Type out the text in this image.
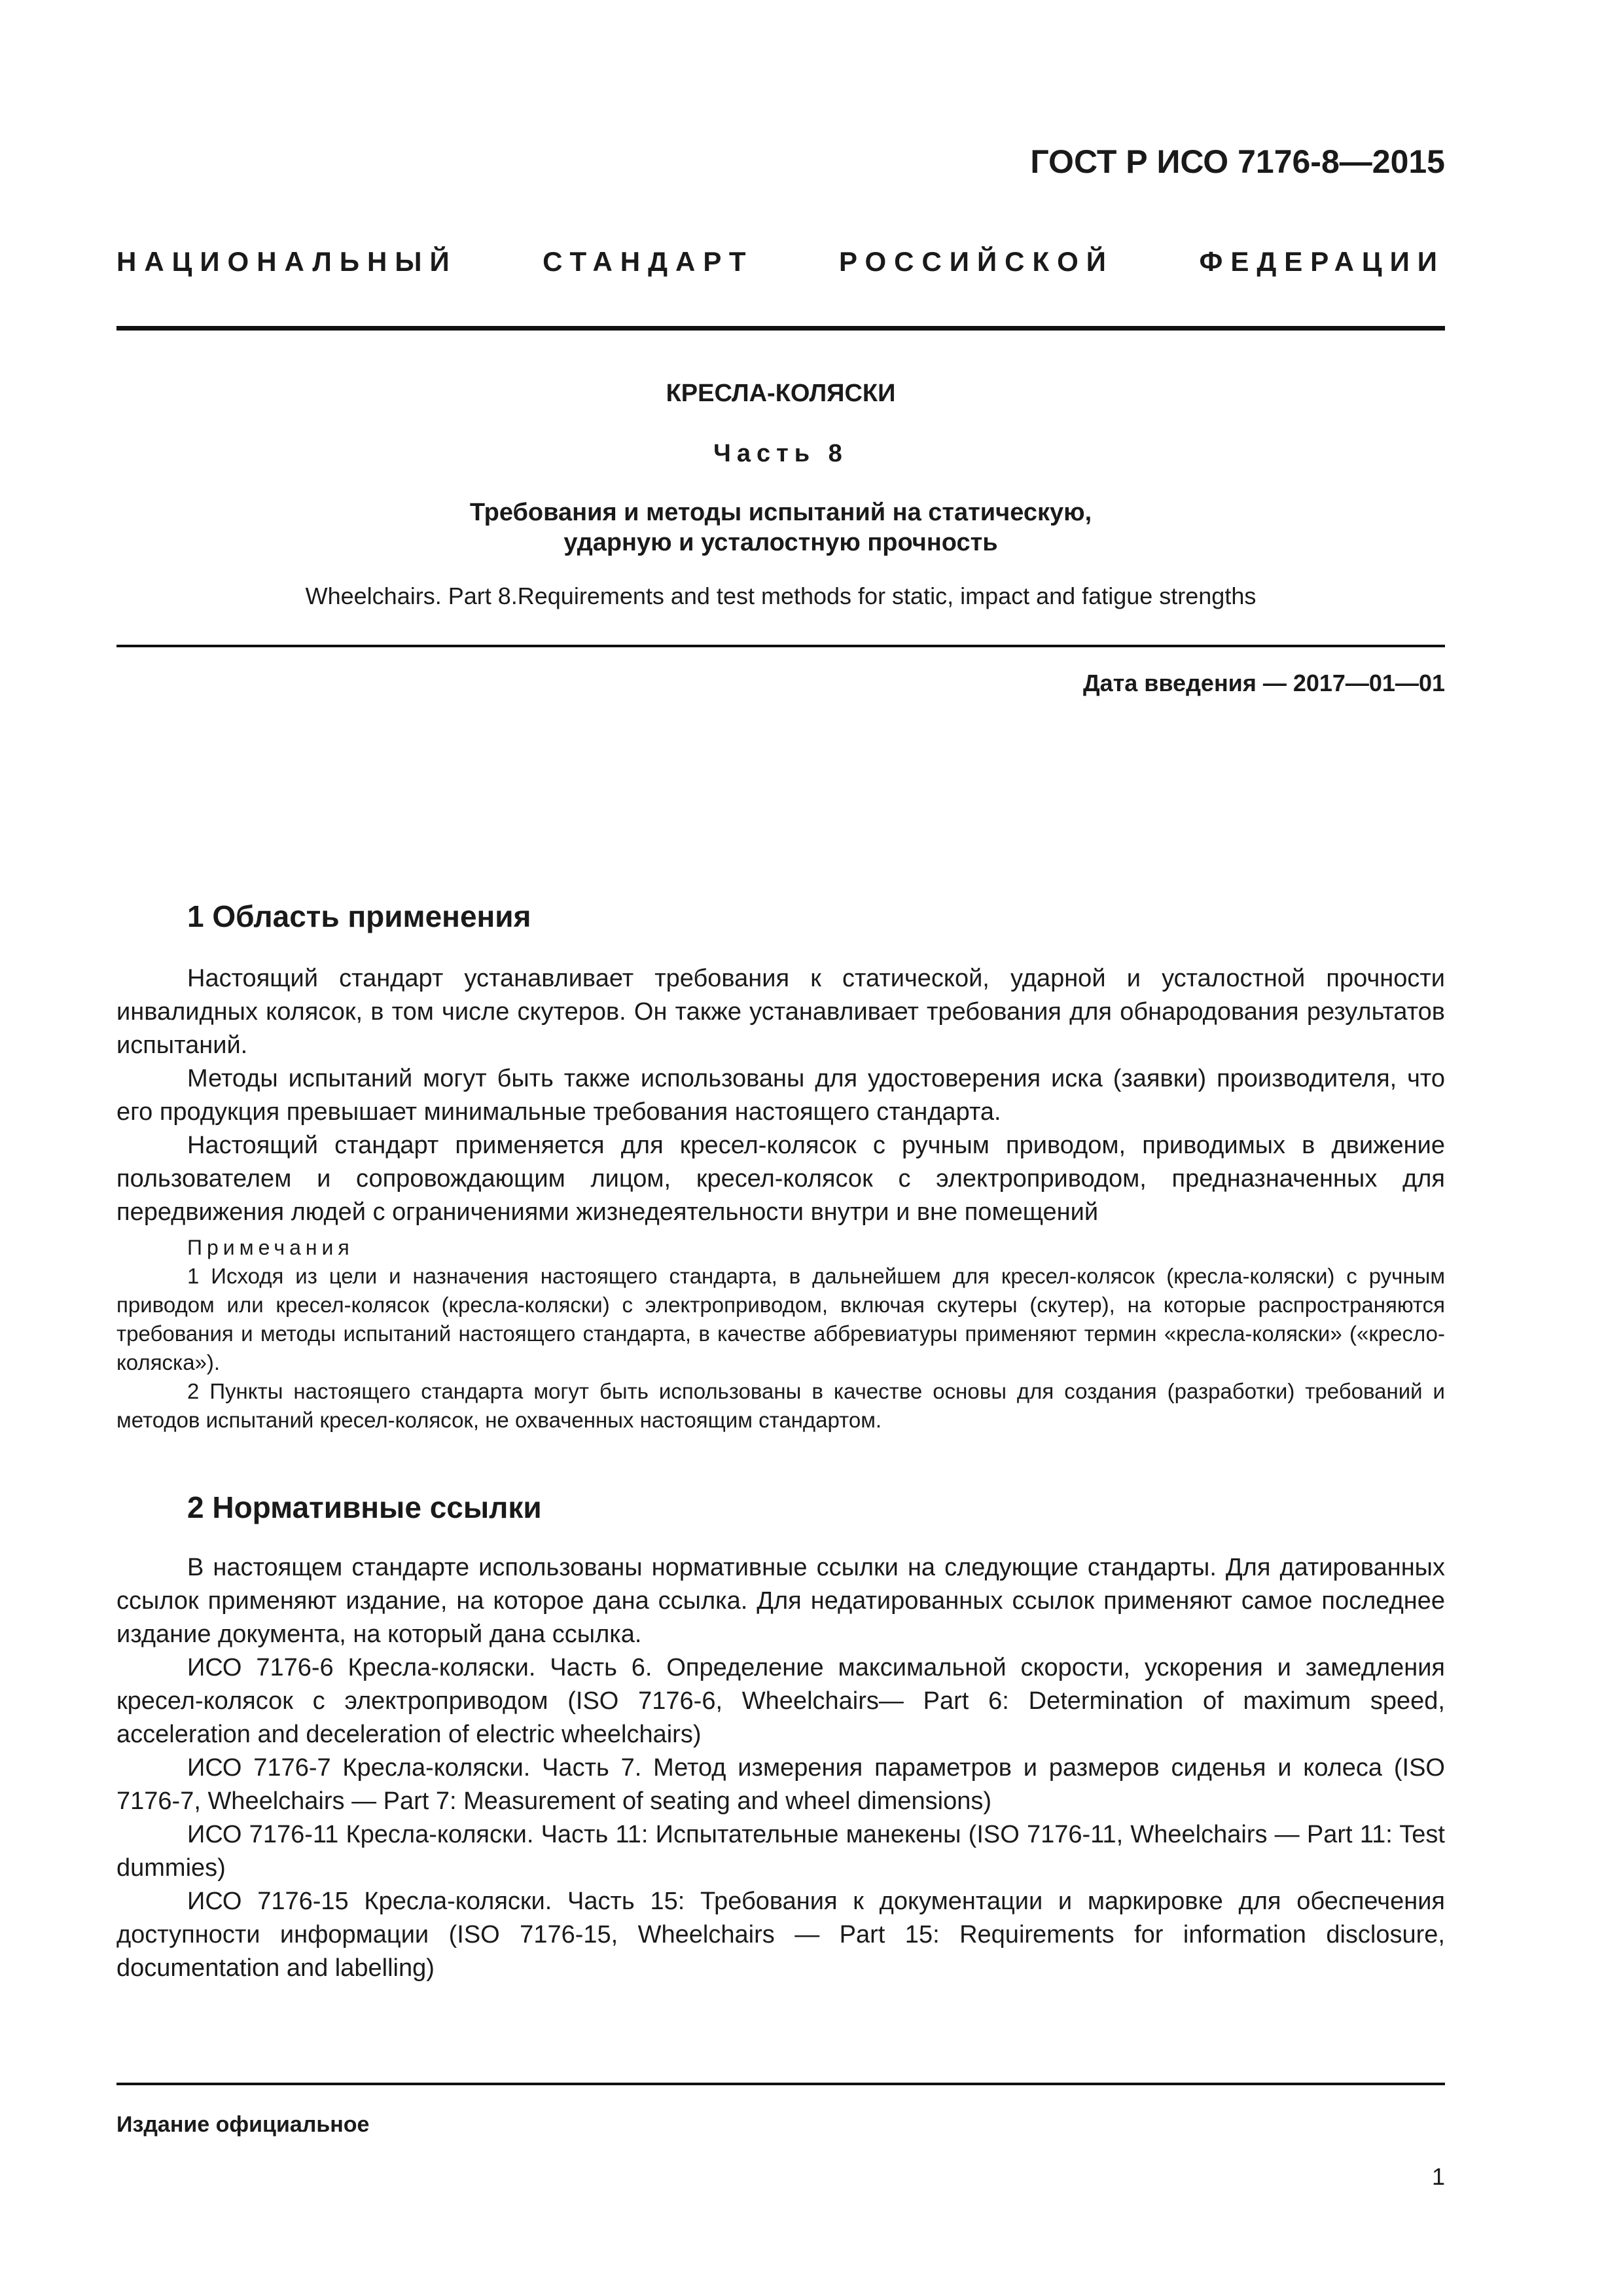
ГОСТ Р ИСО 7176-8—2015
НАЦИОНАЛЬНЫЙ СТАНДАРТ РОССИЙСКОЙ ФЕДЕРАЦИИ
КРЕСЛА-КОЛЯСКИ
Часть 8
Требования и методы испытаний на статическую,
ударную и усталостную прочность
Wheelchairs. Part 8.Requirements and test methods for static, impact and fatigue strengths
Дата введения — 2017—01—01
1 Область применения

Настоящий стандарт устанавливает требования к статической, ударной и усталостной прочности инвалидных колясок, в том числе скутеров. Он также устанавливает требования для обнародования результатов испытаний.

Методы испытаний могут быть также использованы для удостоверения иска (заявки) производителя, что его продукция превышает минимальные требования настоящего стандарта.

Настоящий стандарт применяется для кресел-колясок с ручным приводом, приводимых в движение пользователем и сопровождающим лицом, кресел-колясок с электроприводом, предназначенных для передвижения людей с ограничениями жизнедеятельности внутри и вне помещений

Примечания

1 Исходя из цели и назначения настоящего стандарта, в дальнейшем для кресел-колясок (кресла-коляски) с ручным приводом или кресел-колясок (кресла-коляски) с электроприводом, включая скутеры (скутер), на которые распространяются требования и методы испытаний настоящего стандарта, в качестве аббревиатуры применяют термин «кресла-коляски» («кресло-коляска»).

2 Пункты настоящего стандарта могут быть использованы в качестве основы для создания (разработки) требований и методов испытаний кресел-колясок, не охваченных настоящим стандартом.

2 Нормативные ссылки

В настоящем стандарте использованы нормативные ссылки на следующие стандарты. Для датированных ссылок применяют издание, на которое дана ссылка. Для недатированных ссылок применяют самое последнее издание документа, на который дана ссылка.

ИСО 7176-6 Кресла-коляски. Часть 6. Определение максимальной скорости, ускорения и замедления кресел-колясок с электроприводом (ISO 7176-6, Wheelchairs— Part 6: Determination of maximum speed, acceleration and deceleration of electric wheelchairs)

ИСО 7176-7 Кресла-коляски. Часть 7. Метод измерения параметров и размеров сиденья и колеса (ISO 7176-7, Wheelchairs — Part 7: Measurement of seating and wheel dimensions)

ИСО 7176-11 Кресла-коляски. Часть 11: Испытательные манекены (ISO 7176-11, Wheelchairs — Part 11: Test dummies)

ИСО 7176-15 Кресла-коляски. Часть 15: Требования к документации и маркировке для обеспечения доступности информации (ISO 7176-15, Wheelchairs — Part 15: Requirements for information disclosure, documentation and labelling)

Издание официальное
1
